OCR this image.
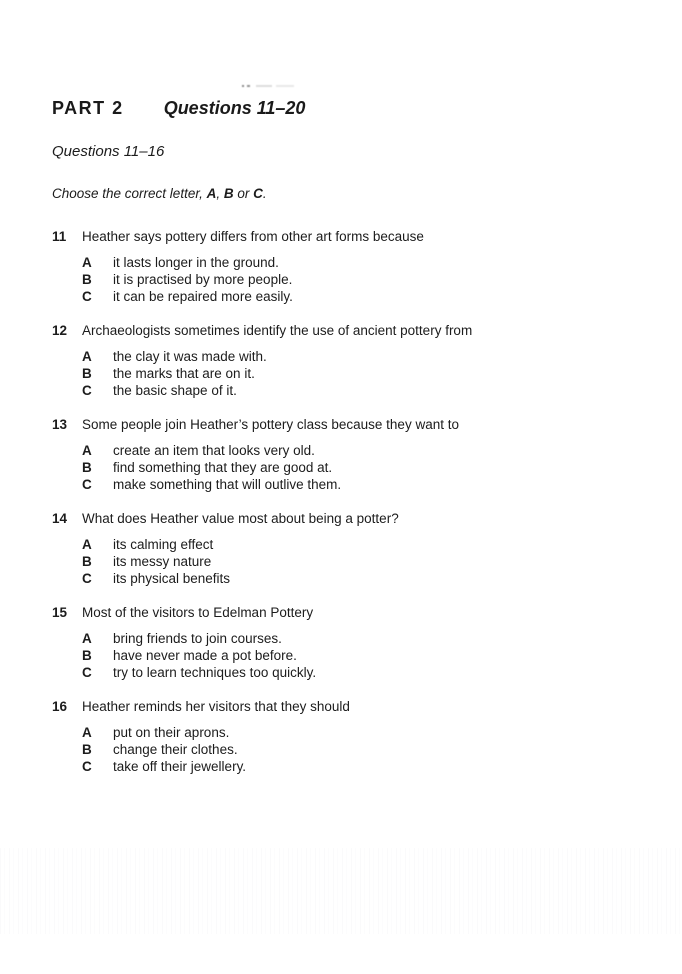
PART 2 Questions 11–20
Questions 11–16
Choose the correct letter, A, B or C.
11	Heather says pottery differs from other art forms because
A	it lasts longer in the ground.
B	it is practised by more people.
C	it can be repaired more easily.
12	Archaeologists sometimes identify the use of ancient pottery from
A	the clay it was made with.
B	the marks that are on it.
C	the basic shape of it.
13	Some people join Heather’s pottery class because they want to
A	create an item that looks very old.
B	find something that they are good at.
C	make something that will outlive them.
14	What does Heather value most about being a potter?
A	its calming effect
B	its messy nature
C	its physical benefits
15	Most of the visitors to Edelman Pottery
A	bring friends to join courses.
B	have never made a pot before.
C	try to learn techniques too quickly.
16	Heather reminds her visitors that they should
A	put on their aprons.
B	change their clothes.
C	take off their jewellery.
